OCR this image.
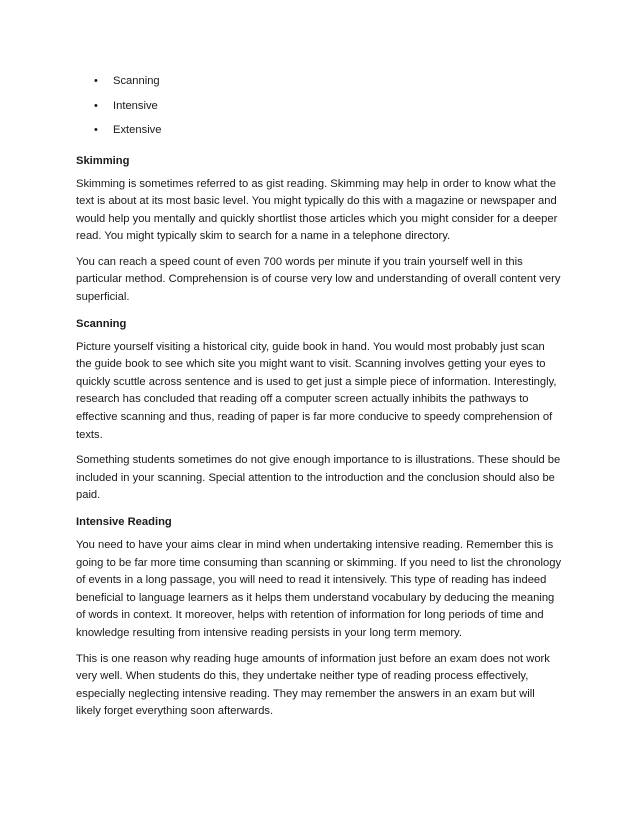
• Scanning
• Intensive
• Extensive
Skimming

Skimming is sometimes referred to as gist reading. Skimming may help in order to know what the text is about at its most basic level. You might typically do this with a magazine or newspaper and would help you mentally and quickly shortlist those articles which you might consider for a deeper read. You might typically skim to search for a name in a telephone directory.

You can reach a speed count of even 700 words per minute if you train yourself well in this particular method. Comprehension is of course very low and understanding of overall content very superficial.

Scanning

Picture yourself visiting a historical city, guide book in hand. You would most probably just scan the guide book to see which site you might want to visit. Scanning involves getting your eyes to quickly scuttle across sentence and is used to get just a simple piece of information. Interestingly, research has concluded that reading off a computer screen actually inhibits the pathways to effective scanning and thus, reading of paper is far more conducive to speedy comprehension of texts.

Something students sometimes do not give enough importance to is illustrations. These should be included in your scanning. Special attention to the introduction and the conclusion should also be paid.

Intensive Reading

You need to have your aims clear in mind when undertaking intensive reading. Remember this is going to be far more time consuming than scanning or skimming. If you need to list the chronology of events in a long passage, you will need to read it intensively. This type of reading has indeed beneficial to language learners as it helps them understand vocabulary by deducing the meaning of words in context. It moreover, helps with retention of information for long periods of time and knowledge resulting from intensive reading persists in your long term memory.

This is one reason why reading huge amounts of information just before an exam does not work very well. When students do this, they undertake neither type of reading process effectively, especially neglecting intensive reading. They may remember the answers in an exam but will likely forget everything soon afterwards.
